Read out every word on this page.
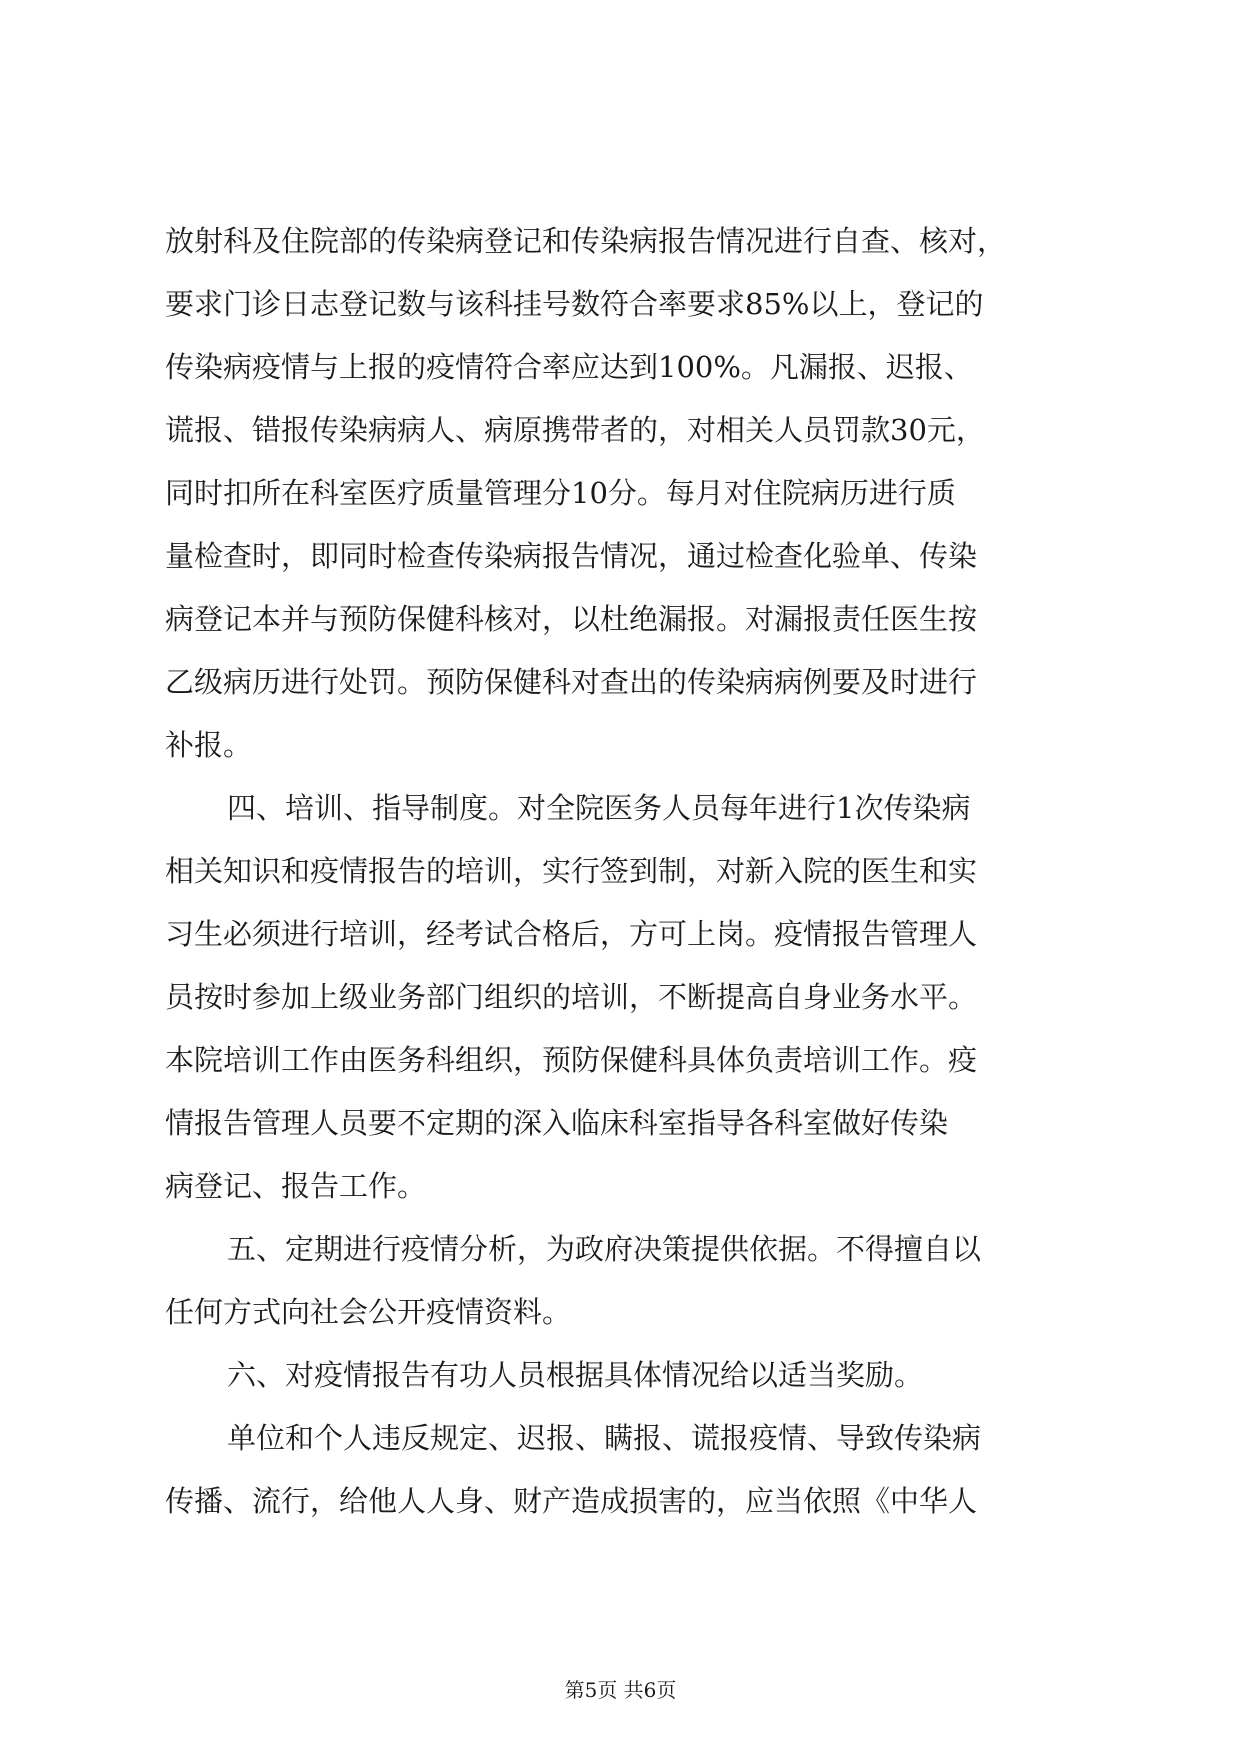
放射科及住院部的传染病登记和传染病报告情况进行自查、核对，
要求门诊日志登记数与该科挂号数符合率要求85%以上，登记的
传染病疫情与上报的疫情符合率应达到100%。凡漏报、迟报、
谎报、错报传染病病人、病原携带者的，对相关人员罚款30元，
同时扣所在科室医疗质量管理分10分。每月对住院病历进行质
量检查时，即同时检查传染病报告情况，通过检查化验单、传染
病登记本并与预防保健科核对，以杜绝漏报。对漏报责任医生按
乙级病历进行处罚。预防保健科对查出的传染病病例要及时进行
补报。
四、培训、指导制度。对全院医务人员每年进行1次传染病
相关知识和疫情报告的培训，实行签到制，对新入院的医生和实
习生必须进行培训，经考试合格后，方可上岗。疫情报告管理人
员按时参加上级业务部门组织的培训，不断提高自身业务水平。
本院培训工作由医务科组织，预防保健科具体负责培训工作。疫
情报告管理人员要不定期的深入临床科室指导各科室做好传染
病登记、报告工作。
五、定期进行疫情分析，为政府决策提供依据。不得擅自以
任何方式向社会公开疫情资料。
六、对疫情报告有功人员根据具体情况给以适当奖励。
单位和个人违反规定、迟报、瞒报、谎报疫情、导致传染病
传播、流行，给他人人身、财产造成损害的，应当依照《中华人
第5页 共6页
